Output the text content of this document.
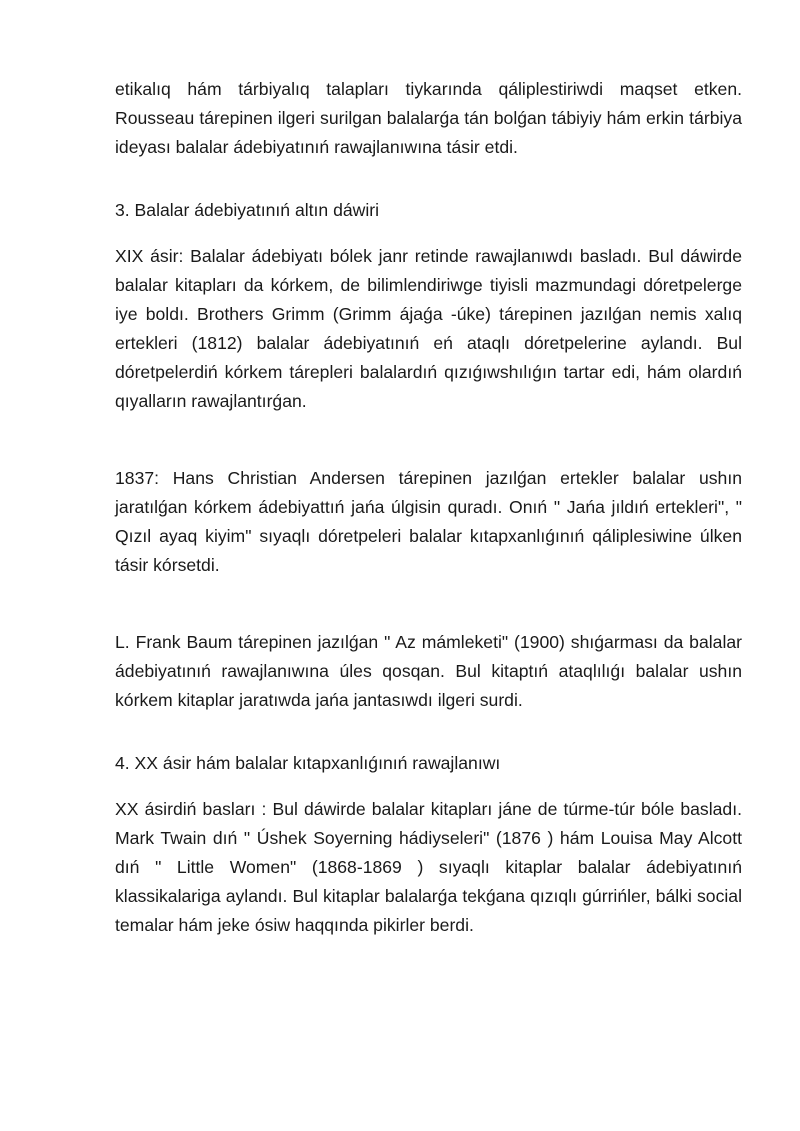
etikalıq hám tárbiyalıq talapları tiykarında qáliplestiriwdi maqset etken. Rousseau tárepinen ilgeri surilgan balalarǵa tán bolǵan tábiyiy hám erkin tárbiya ideyası balalar ádebiyatınıń rawajlanıwına tásir etdi.

3. Balalar ádebiyatınıń altın dáwiri

XIX ásir: Balalar ádebiyatı bólek janr retinde rawajlanıwdı basladı. Bul dáwirde balalar kitapları da kórkem, de bilimlendiriwge tiyisli mazmundagi dóretpelerge iye boldı. Brothers Grimm (Grimm ájaǵa -úke) tárepinen jazılǵan nemis xalıq ertekleri (1812) balalar ádebiyatınıń eń ataqlı dóretpelerine aylandı. Bul dóretpelerdiń kórkem tárepleri balalardıń qızıǵıwshılıǵın tartar edi, hám olardıń qıyalların rawajlantırǵan.

1837: Hans Christian Andersen tárepinen jazılǵan ertekler balalar ushın jaratılǵan kórkem ádebiyattıń jańa úlgisin quradı. Onıń " Jańa jıldıń ertekleri", " Qızıl ayaq kiyim" sıyaqlı dóretpeleri balalar kıtapxanlıǵınıń qáliplesiwine úlken tásir kórsetdi.

L. Frank Baum tárepinen jazılǵan " Az mámleketi" (1900) shıǵarması da balalar ádebiyatınıń rawajlanıwına úles qosqan. Bul kitaptıń ataqlılıǵı balalar ushın kórkem kitaplar jaratıwda jańa jantasıwdı ilgeri surdi.

4. XX ásir hám balalar kıtapxanlıǵınıń rawajlanıwı

XX ásirdiń basları : Bul dáwirde balalar kitapları jáne de túrme-túr bóle basladı. Mark Twain dıń " Úshek Soyerning hádiyseleri" (1876 ) hám Louisa May Alcott dıń " Little Women" (1868-1869 ) sıyaqlı kitaplar balalar ádebiyatınıń klassikalariga aylandı. Bul kitaplar balalarǵa tekǵana qızıqlı gúrrińler, bálki social temalar hám jeke ósiw haqqında pikirler berdi.
